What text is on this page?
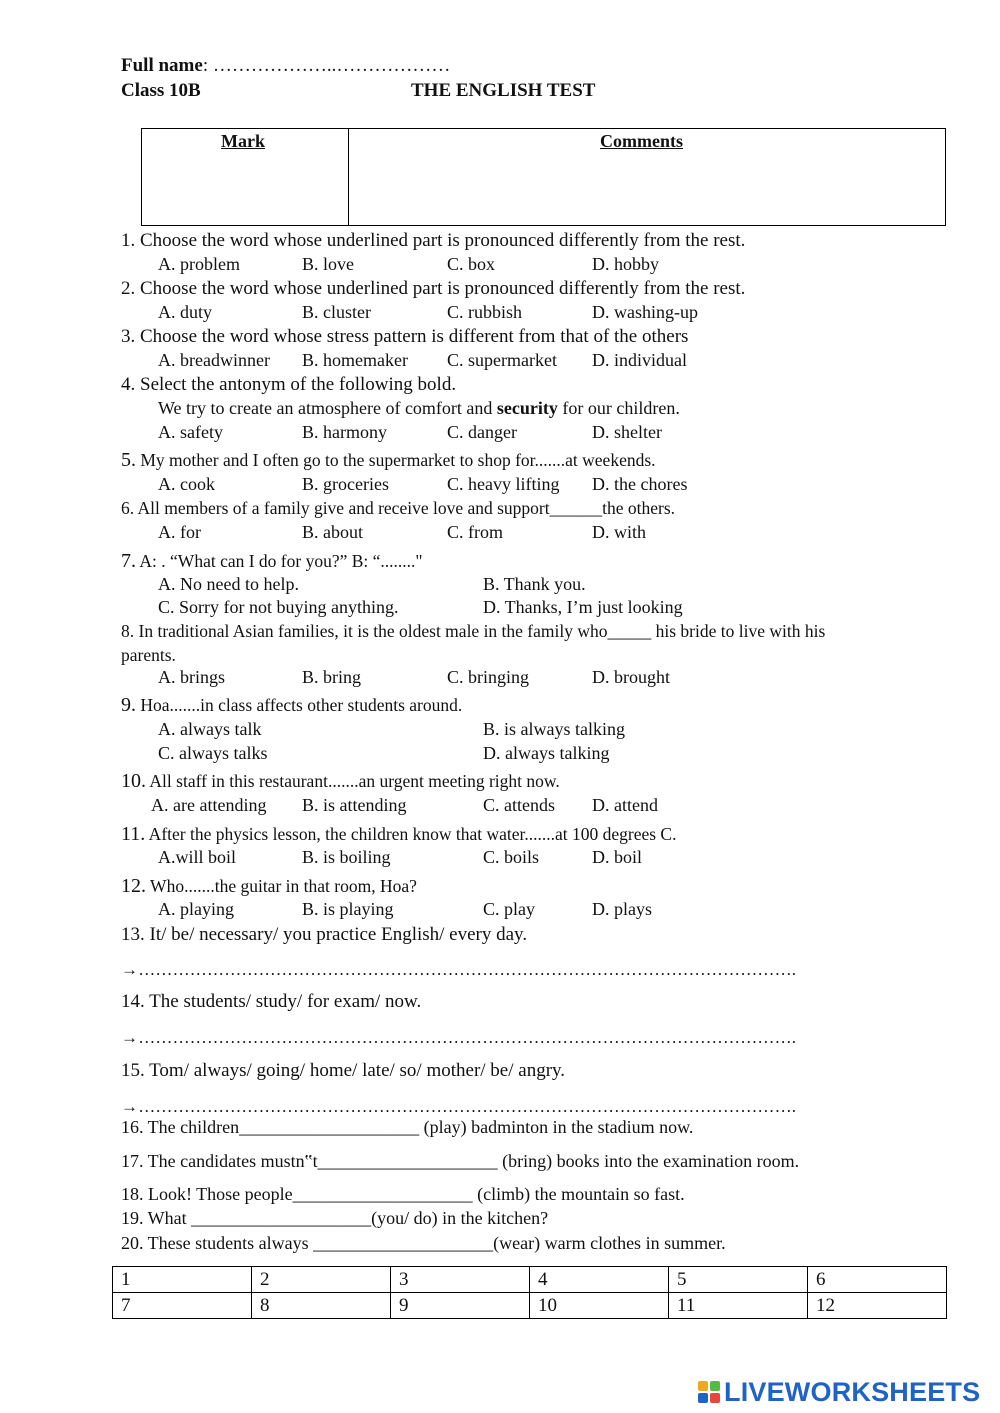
Full name: ………………..………………
Class 10B	THE ENGLISH TEST
Mark	Comments
1. Choose the word whose underlined part is pronounced differently from the rest.
A. problem	B. love	C. box	D. hobby
2. Choose the word whose underlined part is pronounced differently from the rest.
A. duty	B. cluster	C. rubbish	D. washing-up
3. Choose the word whose stress pattern is different from that of the others
A. breadwinner B. homemaker C. supermarket D. individual
4. Select the antonym of the following bold.
We try to create an atmosphere of comfort and security for our children.
A. safety	B. harmony	C. danger	D. shelter
5. My mother and I often go to the supermarket to shop for.......at weekends.
A. cook	B. groceries	C. heavy lifting D. the chores
6. All members of a family give and receive love and support______the others.
A. for	B. about	C. from	D. with
7. A: . “What can I do for you?” B: “........"
A. No need to help.	B. Thank you.
C. Sorry for not buying anything.	D. Thanks, I’m just looking
8. In traditional Asian families, it is the oldest male in the family who_____ his bride to live with his
parents.
A. brings	B. bring	C. bringing	D. brought
9. Hoa.......in class affects other students around.
A. always talk	B. is always talking
C. always talks	D. always talking
10. All staff in this restaurant.......an urgent meeting right now.
A. are attending B. is attending	C. attends D. attend
11. After the physics lesson, the children know that water.......at 100 degrees C.
A.will boil	B. is boiling	C. boils	D. boil
12. Who.......the guitar in that room, Hoa?
A. playing	B. is playing	C. play	D. plays
13. It/ be/ necessary/ you practice English/ every day.
→…………………………………………………………………………………………………….
14. The students/ study/ for exam/ now.
→…………………………………………………………………………………………………….
15. Tom/ always/ going/ home/ late/ so/ mother/ be/ angry.
→…………………………………………………………………………………………………….
16. The children____________________ (play) badminton in the stadium now.
17. The candidates mustn‟t____________________ (bring) books into the examination room.
18. Look! Those people____________________ (climb) the mountain so fast.
19. What ____________________(you/ do) in the kitchen?
20. These students always ____________________(wear) warm clothes in summer.
1	2	3	4	5	6
7	8	9	10	11	12
LIVEWORKSHEETS
